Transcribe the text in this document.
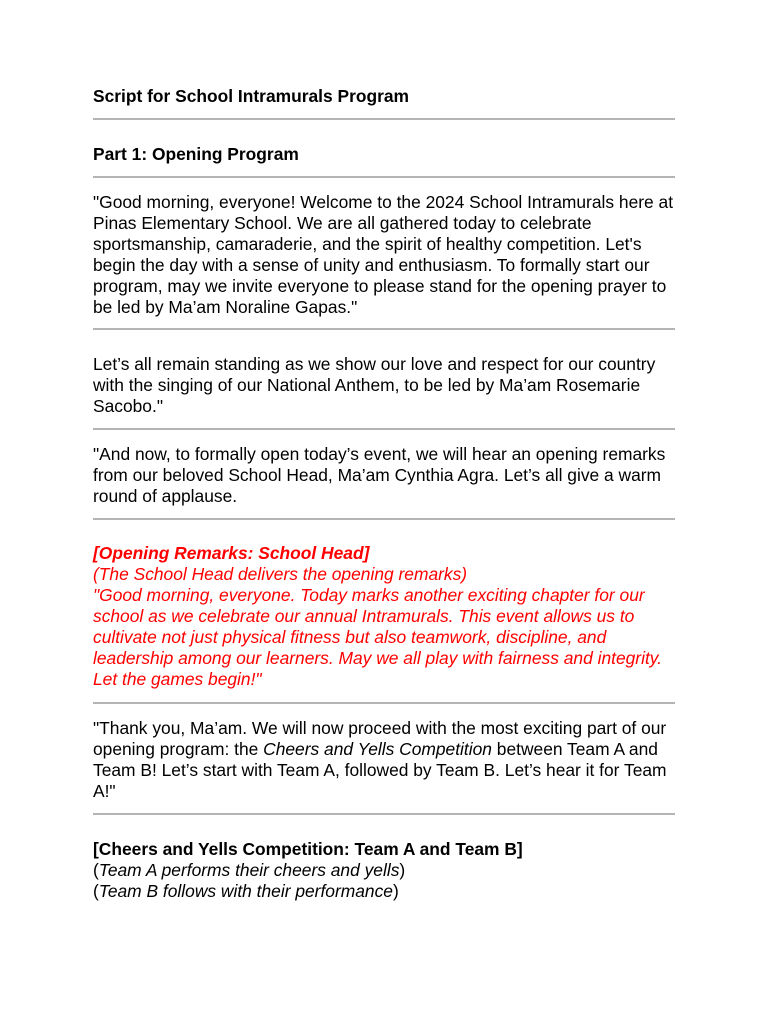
Script for School Intramurals Program

Part 1: Opening Program

"Good morning, everyone! Welcome to the 2024 School Intramurals here at Pinas Elementary School. We are all gathered today to celebrate sportsmanship, camaraderie, and the spirit of healthy competition. Let's begin the day with a sense of unity and enthusiasm. To formally start our program, may we invite everyone to please stand for the opening prayer to be led by Ma’am Noraline Gapas."

Let’s all remain standing as we show our love and respect for our country with the singing of our National Anthem, to be led by Ma’am Rosemarie Sacobo."

"And now, to formally open today’s event, we will hear an opening remarks from our beloved School Head, Ma’am Cynthia Agra. Let’s all give a warm round of applause.

[Opening Remarks: School Head]
(The School Head delivers the opening remarks)
"Good morning, everyone. Today marks another exciting chapter for our school as we celebrate our annual Intramurals. This event allows us to cultivate not just physical fitness but also teamwork, discipline, and leadership among our learners. May we all play with fairness and integrity. Let the games begin!"

"Thank you, Ma’am. We will now proceed with the most exciting part of our opening program: the Cheers and Yells Competition between Team A and Team B! Let’s start with Team A, followed by Team B. Let’s hear it for Team A!"

[Cheers and Yells Competition: Team A and Team B]
(Team A performs their cheers and yells)
(Team B follows with their performance)
